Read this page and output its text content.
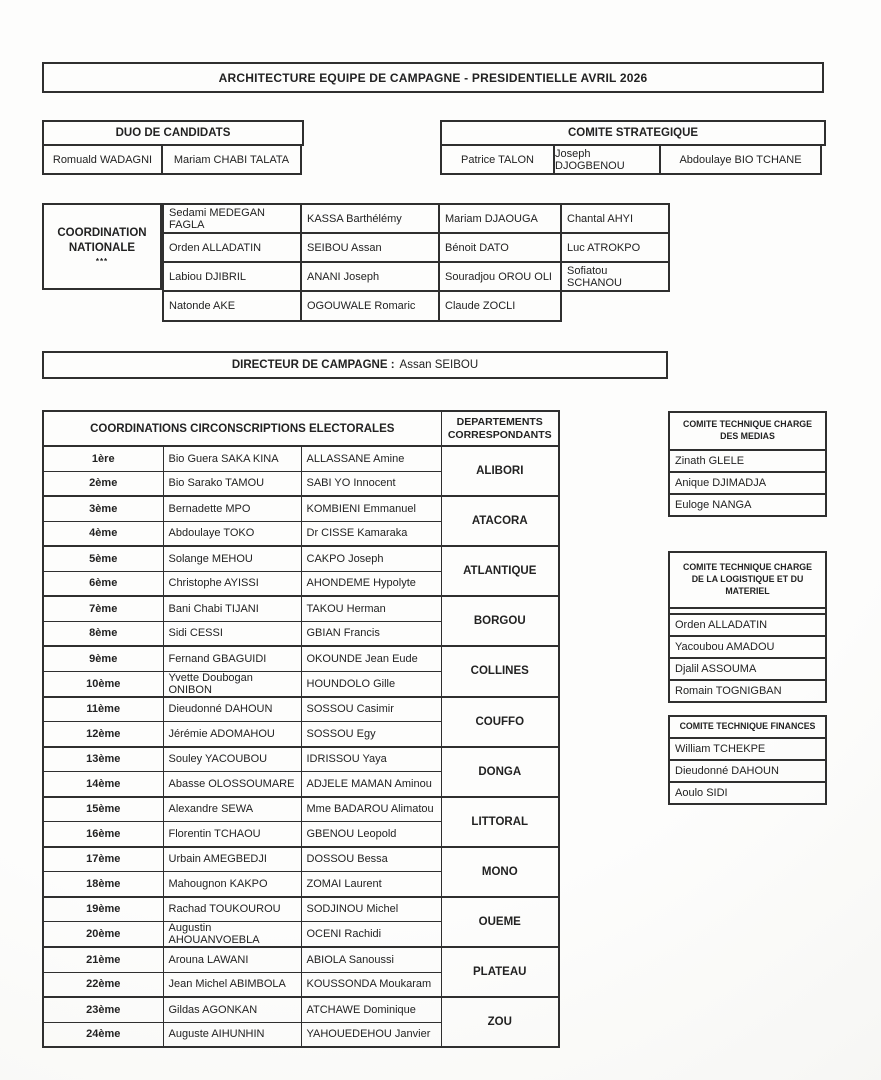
ARCHITECTURE EQUIPE DE CAMPAGNE - PRESIDENTIELLE AVRIL 2026
DUO DE CANDIDATS
Romuald WADAGNI	Mariam CHABI TALATA
COMITE STRATEGIQUE
Patrice TALON	Joseph DJOGBENOU	Abdoulaye BIO TCHANE
COORDINATION NATIONALE
***
Sedami MEDEGAN FAGLA	KASSA Barthélémy	Mariam DJAOUGA	Chantal AHYI
Orden ALLADATIN	SEIBOU Assan	Bénoit DATO	Luc ATROKPO
Labiou DJIBRIL	ANANI Joseph	Souradjou OROU OLI	Sofiatou SCHANOU
Natonde AKE	OGOUWALE Romaric	Claude ZOCLI	
DIRECTEUR DE CAMPAGNE : Assan SEIBOU
COORDINATIONS CIRCONSCRIPTIONS ELECTORALES			DEPARTEMENTS CORRESPONDANTS
1ère	Bio Guera SAKA KINA	ALLASSANE Amine	ALIBORI
2ème	Bio Sarako TAMOU	SABI YO Innocent	
3ème	Bernadette MPO	KOMBIENI Emmanuel	ATACORA
4ème	Abdoulaye TOKO	Dr CISSE Kamaraka	
5ème	Solange MEHOU	CAKPO Joseph	ATLANTIQUE
6ème	Christophe AYISSI	AHONDEME Hypolyte	
7ème	Bani Chabi TIJANI	TAKOU Herman	BORGOU
8ème	Sidi CESSI	GBIAN Francis	
9ème	Fernand GBAGUIDI	OKOUNDE Jean Eude	COLLINES
10ème	Yvette Doubogan ONIBON	HOUNDOLO Gille	
11ème	Dieudonné DAHOUN	SOSSOU Casimir	COUFFO
12ème	Jérémie ADOMAHOU	SOSSOU Egy	
13ème	Souley YACOUBOU	IDRISSOU Yaya	DONGA
14ème	Abasse OLOSSOUMARE	ADJELE MAMAN Aminou	
15ème	Alexandre SEWA	Mme BADAROU Alimatou	LITTORAL
16ème	Florentin TCHAOU	GBENOU Leopold	
17ème	Urbain AMEGBEDJI	DOSSOU Bessa	MONO
18ème	Mahougnon KAKPO	ZOMAI Laurent	
19ème	Rachad TOUKOUROU	SODJINOU Michel	OUEME
20ème	Augustin AHOUANVOEBLA	OCENI Rachidi	
21ème	Arouna LAWANI	ABIOLA Sanoussi	PLATEAU
22ème	Jean Michel ABIMBOLA	KOUSSONDA Moukaram	
23ème	Gildas AGONKAN	ATCHAWE Dominique	ZOU
24ème	Auguste AIHUNHIN	YAHOUEDEHOU Janvier	
COMITE TECHNIQUE CHARGE DES MEDIAS
Zinath GLELE
Anique DJIMADJA
Euloge NANGA
COMITE TECHNIQUE CHARGE DE LA LOGISTIQUE ET DU MATERIEL
Orden ALLADATIN
Yacoubou AMADOU
Djalil ASSOUMA
Romain TOGNIGBAN
COMITE TECHNIQUE FINANCES
William TCHEKPE
Dieudonné DAHOUN
Aoulo SIDI
